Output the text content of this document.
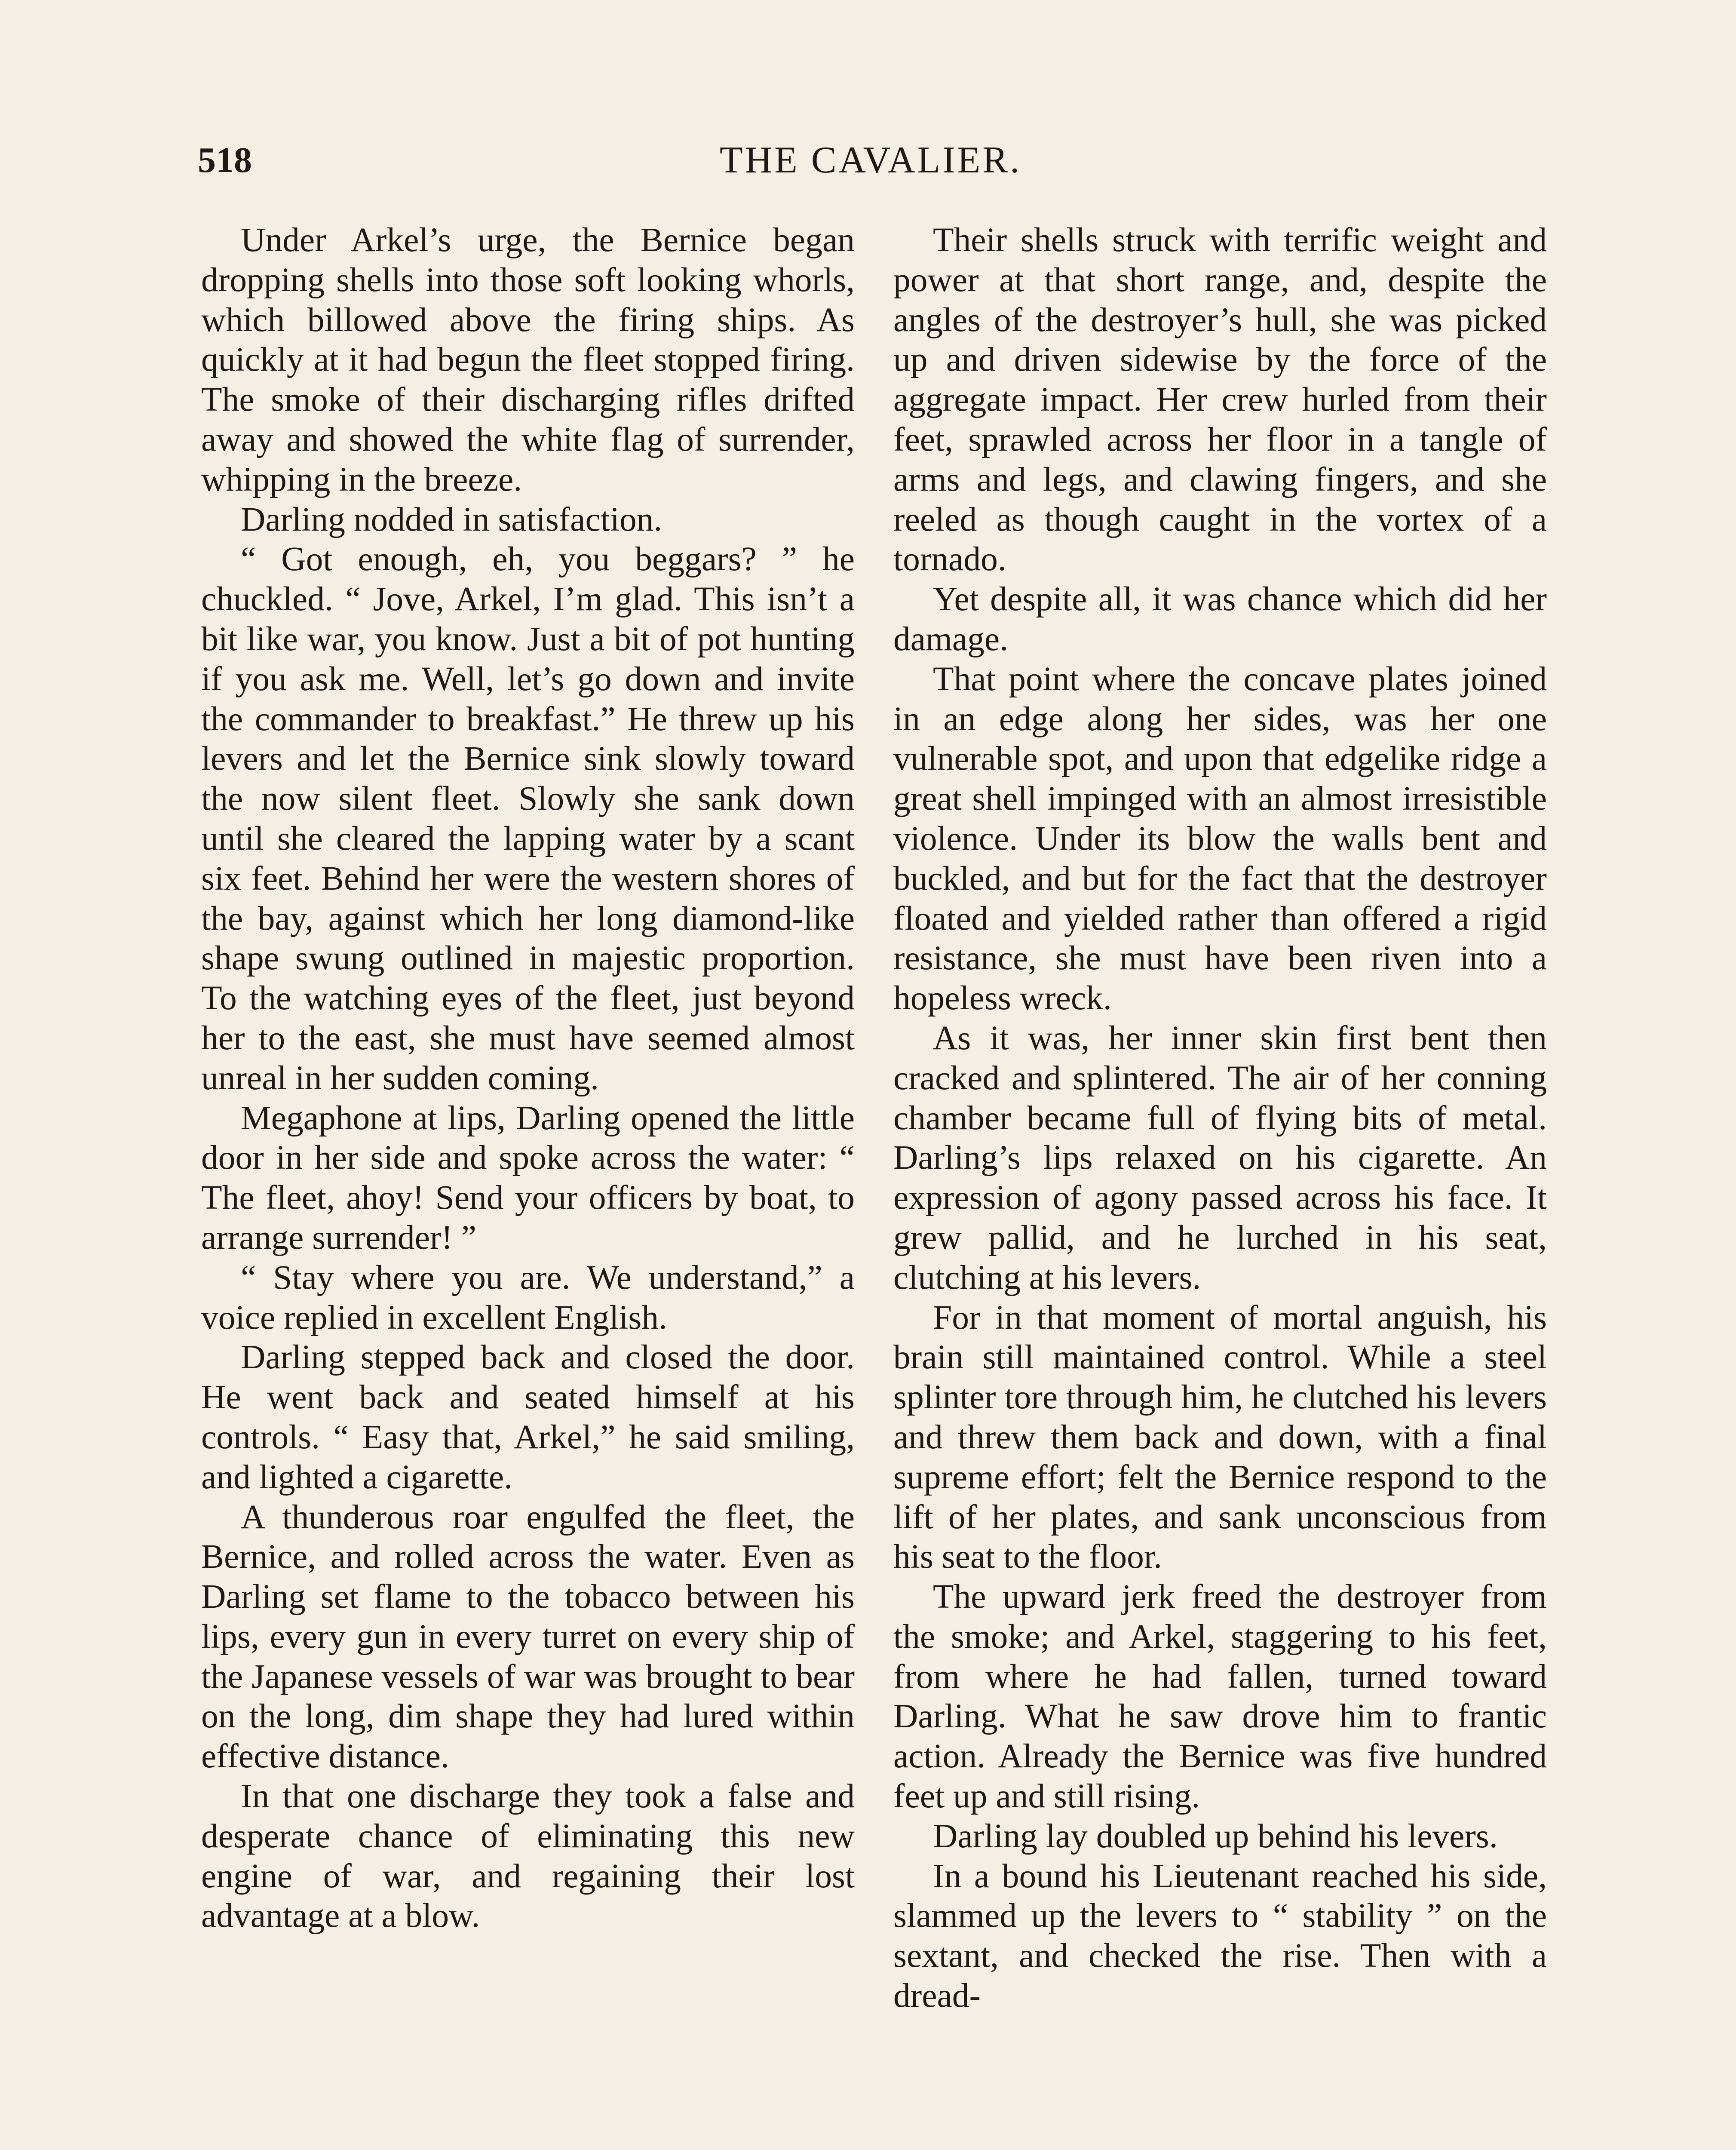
518	THE CAVALIER.

Under Arkel’s urge, the Bernice began dropping shells into those soft looking whorls, which billowed above the firing ships. As quickly at it had begun the fleet stopped firing. The smoke of their discharging rifles drifted away and showed the white flag of surrender, whipping in the breeze.

Darling nodded in satisfaction.

“ Got enough, eh, you beggars? ” he chuckled. “ Jove, Arkel, I’m glad. This isn’t a bit like war, you know. Just a bit of pot hunting if you ask me. Well, let’s go down and invite the commander to breakfast.” He threw up his levers and let the Bernice sink slowly toward the now silent fleet. Slowly she sank down until she cleared the lapping water by a scant six feet. Behind her were the western shores of the bay, against which her long diamond-like shape swung outlined in majestic proportion. To the watching eyes of the fleet, just beyond her to the east, she must have seemed almost unreal in her sudden coming.

Megaphone at lips, Darling opened the little door in her side and spoke across the water: “ The fleet, ahoy! Send your officers by boat, to arrange surrender! ”

“ Stay where you are. We understand,” a voice replied in excellent English.

Darling stepped back and closed the door. He went back and seated himself at his controls. “ Easy that, Arkel,” he said smiling, and lighted a cigarette.

A thunderous roar engulfed the fleet, the Bernice, and rolled across the water. Even as Darling set flame to the tobacco between his lips, every gun in every turret on every ship of the Japanese vessels of war was brought to bear on the long, dim shape they had lured within effective distance.

In that one discharge they took a false and desperate chance of eliminating this new engine of war, and regaining their lost advantage at a blow.

Their shells struck with terrific weight and power at that short range, and, despite the angles of the destroyer’s hull, she was picked up and driven sidewise by the force of the aggregate impact. Her crew hurled from their feet, sprawled across her floor in a tangle of arms and legs, and clawing fingers, and she reeled as though caught in the vortex of a tornado.

Yet despite all, it was chance which did her damage.

That point where the concave plates joined in an edge along her sides, was her one vulnerable spot, and upon that edgelike ridge a great shell impinged with an almost irresistible violence. Under its blow the walls bent and buckled, and but for the fact that the destroyer floated and yielded rather than offered a rigid resistance, she must have been riven into a hopeless wreck.

As it was, her inner skin first bent then cracked and splintered. The air of her conning chamber became full of flying bits of metal. Darling’s lips relaxed on his cigarette. An expression of agony passed across his face. It grew pallid, and he lurched in his seat, clutching at his levers.

For in that moment of mortal anguish, his brain still maintained control. While a steel splinter tore through him, he clutched his levers and threw them back and down, with a final supreme effort; felt the Bernice respond to the lift of her plates, and sank unconscious from his seat to the floor.

The upward jerk freed the destroyer from the smoke; and Arkel, staggering to his feet, from where he had fallen, turned toward Darling. What he saw drove him to frantic action. Already the Bernice was five hundred feet up and still rising.

Darling lay doubled up behind his levers.

In a bound his Lieutenant reached his side, slammed up the levers to “ stability ” on the sextant, and checked the rise. Then with a dread-
